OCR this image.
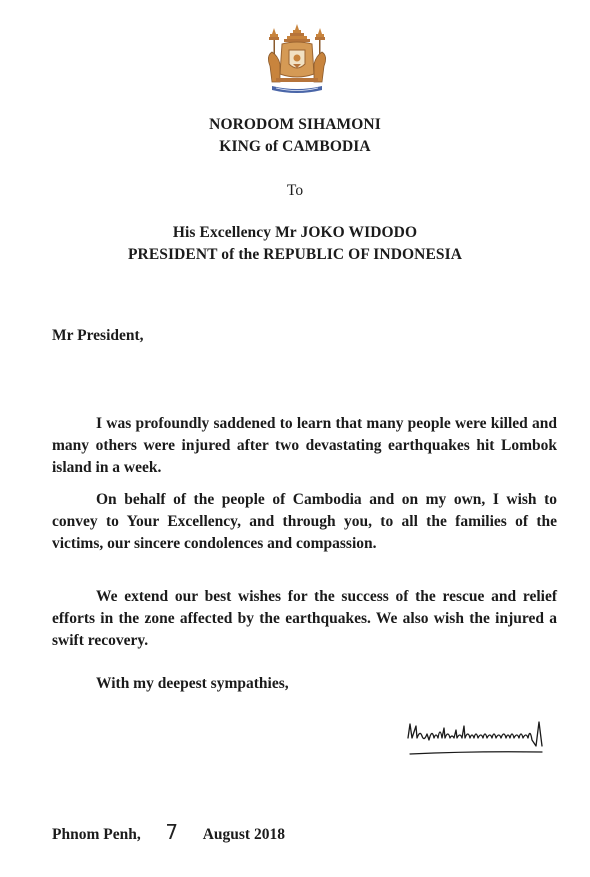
NORODOM SIHAMONI
KING of CAMBODIA
To
His Excellency Mr JOKO WIDODO
PRESIDENT of the REPUBLIC OF INDONESIA
Mr President,

I was profoundly saddened to learn that many people were killed and many others were injured after two devastating earthquakes hit Lombok island in a week.

On behalf of the people of Cambodia and on my own, I wish to convey to Your Excellency, and through you, to all the families of the victims, our sincere condolences and compassion.

We extend our best wishes for the success of the rescue and relief efforts in the zone affected by the earthquakes. We also wish the injured a swift recovery.

With my deepest sympathies,
Phnom Penh,	7	August 2018
